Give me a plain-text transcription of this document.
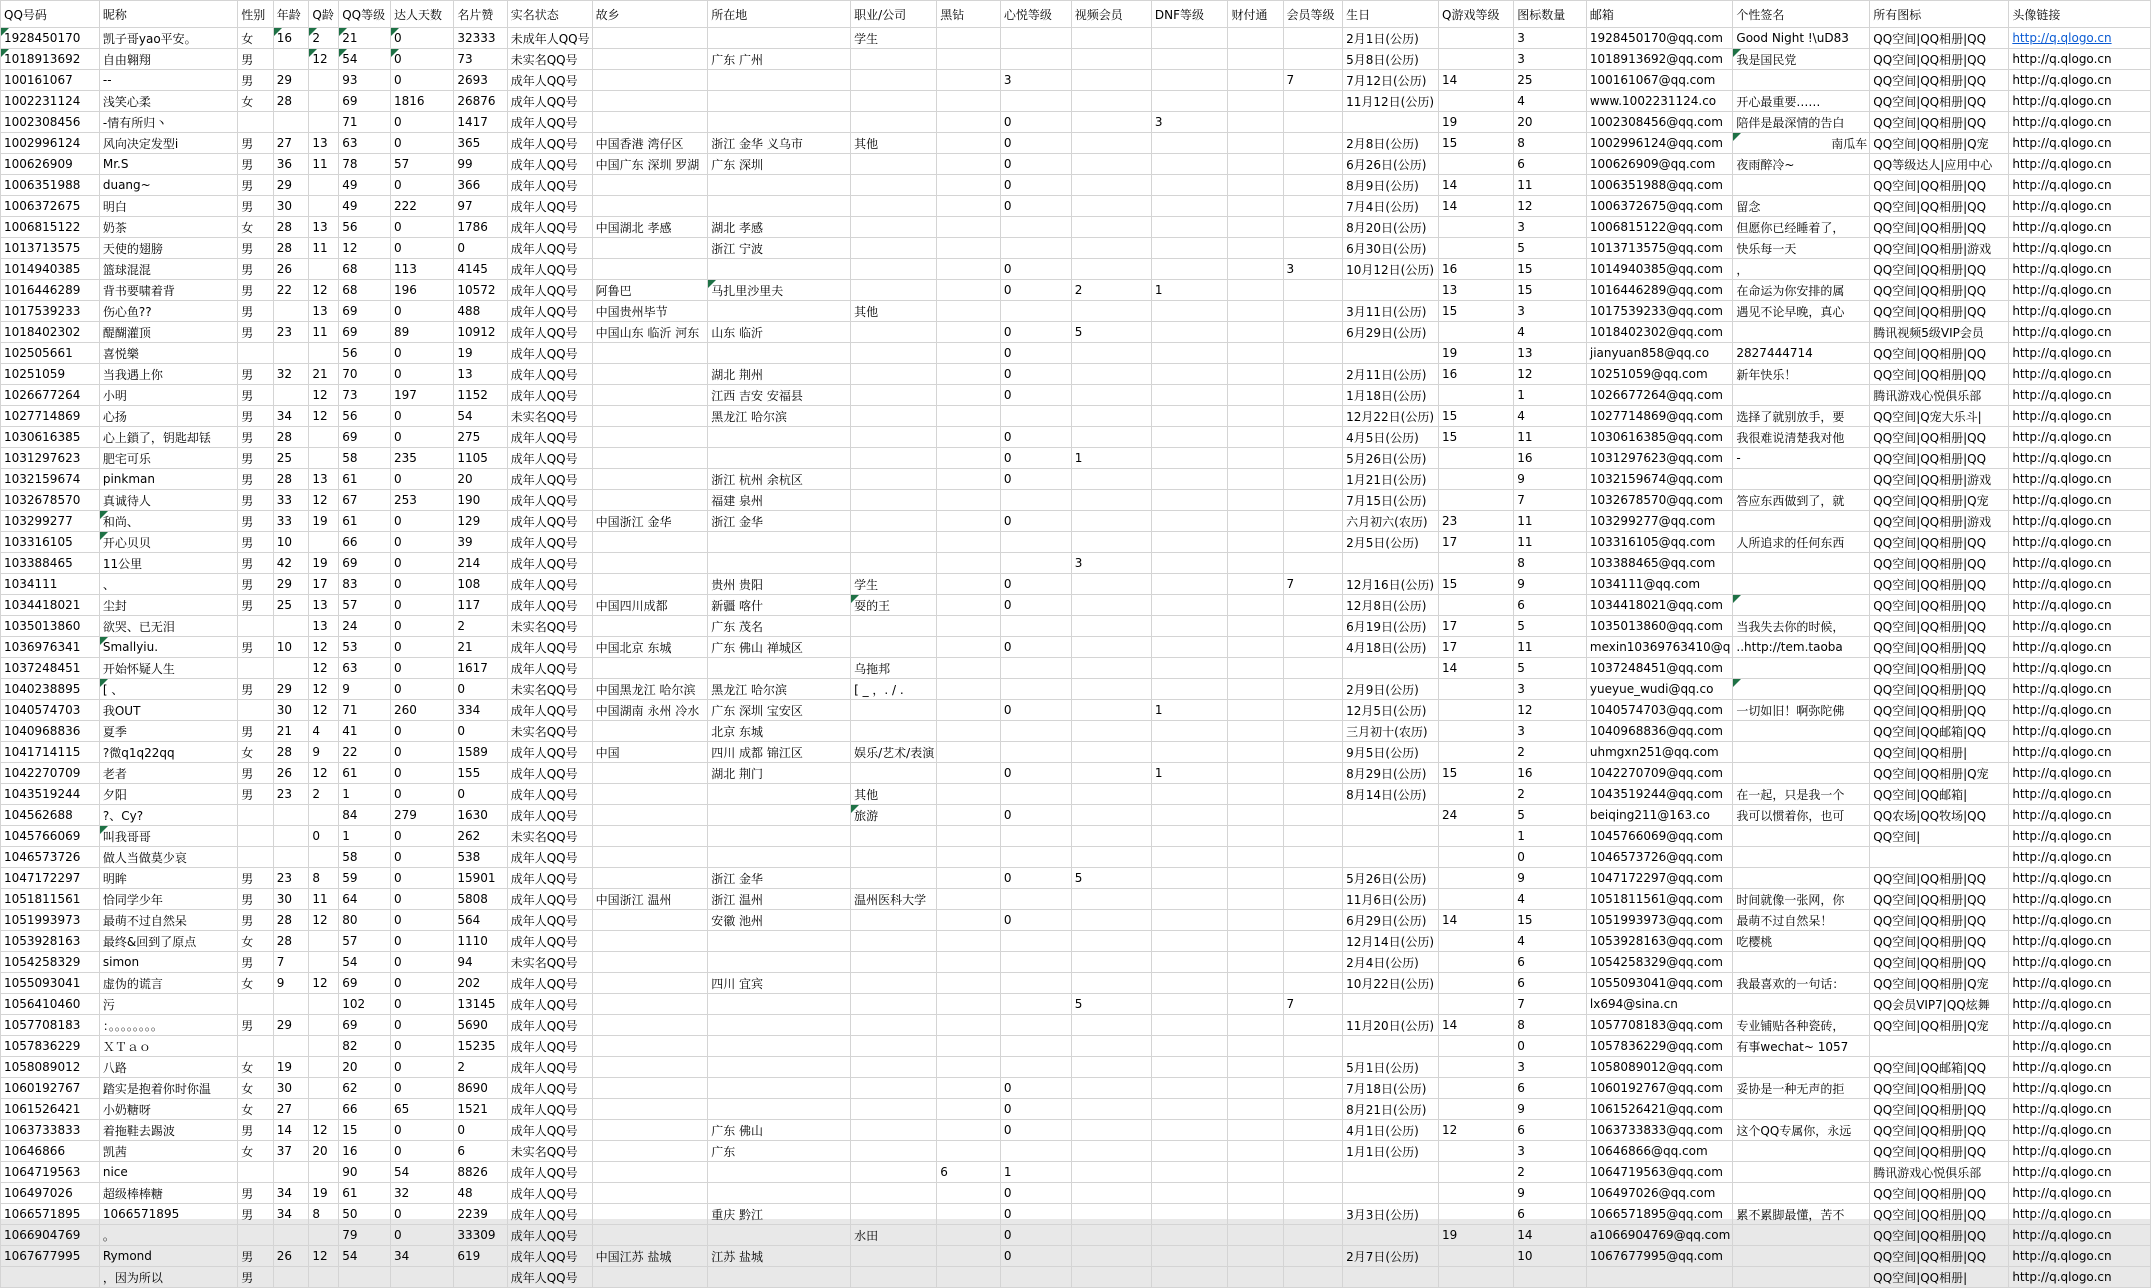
QQ号码	昵称	性别	年龄	Q龄	QQ等级	达人天数	名片赞	实名状态	故乡	所在地	职业/公司	黑钻	心悦等级	视频会员	DNF等级	财付通	会员等级	生日	Q游戏等级	图标数量	邮箱	个性签名	所有图标	头像链接
1928450170	凯子哥yao平安。	女	16	2	21	0	32333	未成年人QQ号			学生							2月1日(公历)		3	1928450170@qq.com	Good Night !\uD83	QQ空间|QQ相册|QQ	http://q.qlogo.cn
1018913692	自由翱翔	男		12	54	0	73	未实名QQ号		广东 广州								5月8日(公历)		3	1018913692@qq.com	我是国民党	QQ空间|QQ相册|QQ	http://q.qlogo.cn
100161067	--	男	29		93	0	2693	成年人QQ号					3				7	7月12日(公历)	14	25	100161067@qq.com		QQ空间|QQ相册|QQ	http://q.qlogo.cn
1002231124	浅笑心柔	女	28		69	1816	26876	成年人QQ号										11月12日(公历)		4	www.1002231124.co	开心最重要……	QQ空间|QQ相册|QQ	http://q.qlogo.cn
1002308456	-情有所归丶				71	0	1417	成年人QQ号					0		3				19	20	1002308456@qq.com	陪伴是最深情的告白	QQ空间|QQ相册|QQ	http://q.qlogo.cn
1002996124	风向决定发型i	男	27	13	63	0	365	成年人QQ号	中国香港 湾仔区	浙江 金华 义乌市	其他		0					2月8日(公历)	15	8	1002996124@qq.com	南瓜车	QQ空间|QQ相册|Q宠	http://q.qlogo.cn
100626909	Mr.S	男	36	11	78	57	99	成年人QQ号	中国广东 深圳 罗湖	广东 深圳			0					6月26日(公历)		6	100626909@qq.com	夜雨醉冷~	QQ等级达人|应用中心	http://q.qlogo.cn
1006351988	duang~	男	29		49	0	366	成年人QQ号					0					8月9日(公历)	14	11	1006351988@qq.com		QQ空间|QQ相册|QQ	http://q.qlogo.cn
1006372675	明白	男	30		49	222	97	成年人QQ号					0					7月4日(公历)	14	12	1006372675@qq.com	留念	QQ空间|QQ相册|QQ	http://q.qlogo.cn
1006815122	奶茶	女	28	13	56	0	1786	成年人QQ号	中国湖北 孝感	湖北 孝感								8月20日(公历)		3	1006815122@qq.com	但愿你已经睡着了，	QQ空间|QQ相册|QQ	http://q.qlogo.cn
1013713575	天使的翅膀	男	28	11	12	0	0	成年人QQ号		浙江 宁波								6月30日(公历)		5	1013713575@qq.com	快乐每一天	QQ空间|QQ相册|游戏	http://q.qlogo.cn
1014940385	篮球混混	男	26		68	113	4145	成年人QQ号					0				3	10月12日(公历)	16	15	1014940385@qq.com	，	QQ空间|QQ相册|QQ	http://q.qlogo.cn
1016446289	背书要啸着背	男	22	12	68	196	10572	成年人QQ号	阿鲁巴	马扎里沙里夫			0	2	1				13	15	1016446289@qq.com	在命运为你安排的属	QQ空间|QQ相册|QQ	http://q.qlogo.cn
1017539233	伤心鱼??	男		13	69	0	488	成年人QQ号	中国贵州毕节		其他							3月11日(公历)	15	3	1017539233@qq.com	遇见不论早晚，真心	QQ空间|QQ相册|QQ	http://q.qlogo.cn
1018402302	醍醐灌顶	男	23	11	69	89	10912	成年人QQ号	中国山东 临沂 河东	山东 临沂			0	5				6月29日(公历)		4	1018402302@qq.com		腾讯视频5级VIP会员	http://q.qlogo.cn
102505661	喜悦樂				56	0	19	成年人QQ号					0						19	13	jianyuan858@qq.co	2827444714	QQ空间|QQ相册|QQ	http://q.qlogo.cn
10251059	当我遇上你	男	32	21	70	0	13	成年人QQ号		湖北 荆州			0					2月11日(公历)	16	12	10251059@qq.com	新年快乐！	QQ空间|QQ相册|QQ	http://q.qlogo.cn
1026677264	小明	男		12	73	197	1152	成年人QQ号		江西 吉安 安福县			0					1月18日(公历)		1	1026677264@qq.com		腾讯游戏心悦俱乐部	http://q.qlogo.cn
1027714869	心扬	男	34	12	56	0	54	未实名QQ号		黑龙江 哈尔滨								12月22日(公历)	15	4	1027714869@qq.com	选择了就别放手，要	QQ空间|Q宠大乐斗|	http://q.qlogo.cn
1030616385	心上鎖了，钥匙却铥	男	28		69	0	275	成年人QQ号					0					4月5日(公历)	15	11	1030616385@qq.com	我很难说清楚我对他	QQ空间|QQ相册|QQ	http://q.qlogo.cn
1031297623	肥宅可乐	男	25		58	235	1105	成年人QQ号					0	1				5月26日(公历)		16	1031297623@qq.com	-	QQ空间|QQ相册|QQ	http://q.qlogo.cn
1032159674	pinkman	男	28	13	61	0	20	成年人QQ号		浙江 杭州 余杭区			0					1月21日(公历)		9	1032159674@qq.com		QQ空间|QQ相册|游戏	http://q.qlogo.cn
1032678570	真诚待人	男	33	12	67	253	190	成年人QQ号		福建 泉州								7月15日(公历)		7	1032678570@qq.com	答应东西做到了，就	QQ空间|QQ相册|Q宠	http://q.qlogo.cn
103299277	和尚、	男	33	19	61	0	129	成年人QQ号	中国浙江 金华	浙江 金华			0					六月初六(农历)	23	11	103299277@qq.com		QQ空间|QQ相册|游戏	http://q.qlogo.cn
103316105	开心贝贝	男	10		66	0	39	成年人QQ号										2月5日(公历)	17	11	103316105@qq.com	人所追求的任何东西	QQ空间|QQ相册|QQ	http://q.qlogo.cn
103388465	11公里	男	42	19	69	0	214	成年人QQ号						3						8	103388465@qq.com		QQ空间|QQ相册|QQ	http://q.qlogo.cn
1034111	、	男	29	17	83	0	108	成年人QQ号		贵州 贵阳	学生		0				7	12月16日(公历)	15	9	1034111@qq.com		QQ空间|QQ相册|QQ	http://q.qlogo.cn
1034418021	尘封	男	25	13	57	0	117	成年人QQ号	中国四川成都	新疆 喀什	耍的王		0					12月8日(公历)		6	1034418021@qq.com		QQ空间|QQ相册|QQ	http://q.qlogo.cn
1035013860	欲哭、已无泪			13	24	0	2	未实名QQ号		广东 茂名								6月19日(公历)	17	5	1035013860@qq.com	当我失去你的时候，	QQ空间|QQ相册|QQ	http://q.qlogo.cn
1036976341	Smallyiu.	男	10	12	53	0	21	成年人QQ号	中国北京 东城	广东 佛山 禅城区			0					4月18日(公历)	17	11	mexin10369763410@q	..http://tem.taoba	QQ空间|QQ相册|QQ	http://q.qlogo.cn
1037248451	开始怀疑人生			12	63	0	1617	成年人QQ号			乌拖邦								14	5	1037248451@qq.com		QQ空间|QQ相册|QQ	http://q.qlogo.cn
1040238895	[ 、	男	29	12	9	0	0	未实名QQ号	中国黑龙江 哈尔滨	黑龙江 哈尔滨	[ _ ，. / .							2月9日(公历)		3	yueyue_wudi@qq.co		QQ空间|QQ相册|QQ	http://q.qlogo.cn
1040574703	我OUT		30	12	71	260	334	成年人QQ号	中国湖南 永州 冷水	广东 深圳 宝安区			0		1			12月5日(公历)		12	1040574703@qq.com	一切如旧！啊弥陀佛	QQ空间|QQ相册|QQ	http://q.qlogo.cn
1040968836	夏季	男	21	4	41	0	0	未实名QQ号		北京 东城								三月初十(农历)		3	1040968836@qq.com		QQ空间|QQ邮箱|QQ	http://q.qlogo.cn
1041714115	?微q1q22qq	女	28	9	22	0	1589	成年人QQ号	中国	四川 成都 锦江区	娱乐/艺术/表演							9月5日(公历)		2	uhmgxn251@qq.com		QQ空间|QQ相册|	http://q.qlogo.cn
1042270709	老者	男	26	12	61	0	155	成年人QQ号		湖北 荆门			0		1			8月29日(公历)	15	16	1042270709@qq.com		QQ空间|QQ相册|Q宠	http://q.qlogo.cn
1043519244	夕阳	男	23	2	1	0	0	成年人QQ号			其他							8月14日(公历)		2	1043519244@qq.com	在一起，只是我一个	QQ空间|QQ邮箱|	http://q.qlogo.cn
104562688	?、Cy?				84	279	1630	成年人QQ号			旅游		0						24	5	beiqing211@163.co	我可以惯着你，也可	QQ农场|QQ牧场|QQ	http://q.qlogo.cn
1045766069	叫我哥哥			0	1	0	262	未实名QQ号												1	1045766069@qq.com		QQ空间|	http://q.qlogo.cn
1046573726	做人当做莫少哀				58	0	538	成年人QQ号												0	1046573726@qq.com			http://q.qlogo.cn
1047172297	明眸	男	23	8	59	0	15901	成年人QQ号		浙江 金华			0	5				5月26日(公历)		9	1047172297@qq.com		QQ空间|QQ相册|QQ	http://q.qlogo.cn
1051811561	恰同学少年	男	30	11	64	0	5808	成年人QQ号	中国浙江 温州	浙江 温州	温州医科大学							11月6日(公历)		4	1051811561@qq.com	时间就像一张网，你	QQ空间|QQ相册|QQ	http://q.qlogo.cn
1051993973	最萌不过自然呆	男	28	12	80	0	564	成年人QQ号		安徽 池州			0					6月29日(公历)	14	15	1051993973@qq.com	最萌不过自然呆！	QQ空间|QQ相册|QQ	http://q.qlogo.cn
1053928163	最终&回到了原点	女	28		57	0	1110	成年人QQ号										12月14日(公历)		4	1053928163@qq.com	吃樱桃	QQ空间|QQ相册|QQ	http://q.qlogo.cn
1054258329	simon	男	7		54	0	94	未实名QQ号										2月4日(公历)		6	1054258329@qq.com		QQ空间|QQ相册|QQ	http://q.qlogo.cn
1055093041	虚伪的谎言	女	9	12	69	0	202	成年人QQ号		四川 宜宾								10月22日(公历)		6	1055093041@qq.com	我最喜欢的一句话：	QQ空间|QQ相册|Q宠	http://q.qlogo.cn
1056410460	污				102	0	13145	成年人QQ号						5			7			7	lx694@sina.cn		QQ会员VIP7|QQ炫舞	http://q.qlogo.cn
1057708183	：。。。。。。。。	男	29		69	0	5690	成年人QQ号										11月20日(公历)	14	8	1057708183@qq.com	专业铺贴各种瓷砖，	QQ空间|QQ相册|Q宠	http://q.qlogo.cn
1057836229	ＸＴａｏ				82	0	15235	成年人QQ号												0	1057836229@qq.com	有事wechat~ 1057		http://q.qlogo.cn
1058089012	八路	女	19		20	0	2	成年人QQ号										5月1日(公历)		3	1058089012@qq.com		QQ空间|QQ邮箱|QQ	http://q.qlogo.cn
1060192767	踏实是抱着你时你温	女	30		62	0	8690	成年人QQ号					0					7月18日(公历)		6	1060192767@qq.com	妥协是一种无声的拒	QQ空间|QQ相册|QQ	http://q.qlogo.cn
1061526421	小奶糖呀	女	27		66	65	1521	成年人QQ号					0					8月21日(公历)		9	1061526421@qq.com		QQ空间|QQ相册|QQ	http://q.qlogo.cn
1063733833	着拖鞋去踢波	男	14	12	15	0	0	成年人QQ号		广东 佛山			0					4月1日(公历)	12	6	1063733833@qq.com	这个QQ专属你，永远	QQ空间|QQ相册|QQ	http://q.qlogo.cn
10646866	凯茜	女	37	20	16	0	6	未实名QQ号		广东								1月1日(公历)		3	10646866@qq.com		QQ空间|QQ相册|QQ	http://q.qlogo.cn
1064719563	nice				90	54	8826	成年人QQ号				6	1							2	1064719563@qq.com		腾讯游戏心悦俱乐部	http://q.qlogo.cn
106497026	超级棒棒糖	男	34	19	61	32	48	成年人QQ号					0							9	106497026@qq.com		QQ空间|QQ相册|QQ	http://q.qlogo.cn
1066571895	1066571895	男	34	8	50	0	2239	成年人QQ号		重庆 黔江			0					3月3日(公历)		6	1066571895@qq.com	累不累脚最懂，苦不	QQ空间|QQ相册|QQ	http://q.qlogo.cn
1066904769	。				79	0	33309	成年人QQ号			水田		0						19	14	a1066904769@qq.com		QQ空间|QQ相册|QQ	http://q.qlogo.cn
1067677995	Rymond	男	26	12	54	34	619	成年人QQ号	中国江苏 盐城	江苏 盐城			0					2月7日(公历)		10	1067677995@qq.com		QQ空间|QQ相册|QQ	http://q.qlogo.cn
	，因为所以	男						成年人QQ号															QQ空间|QQ相册|	http://q.qlogo.cn
